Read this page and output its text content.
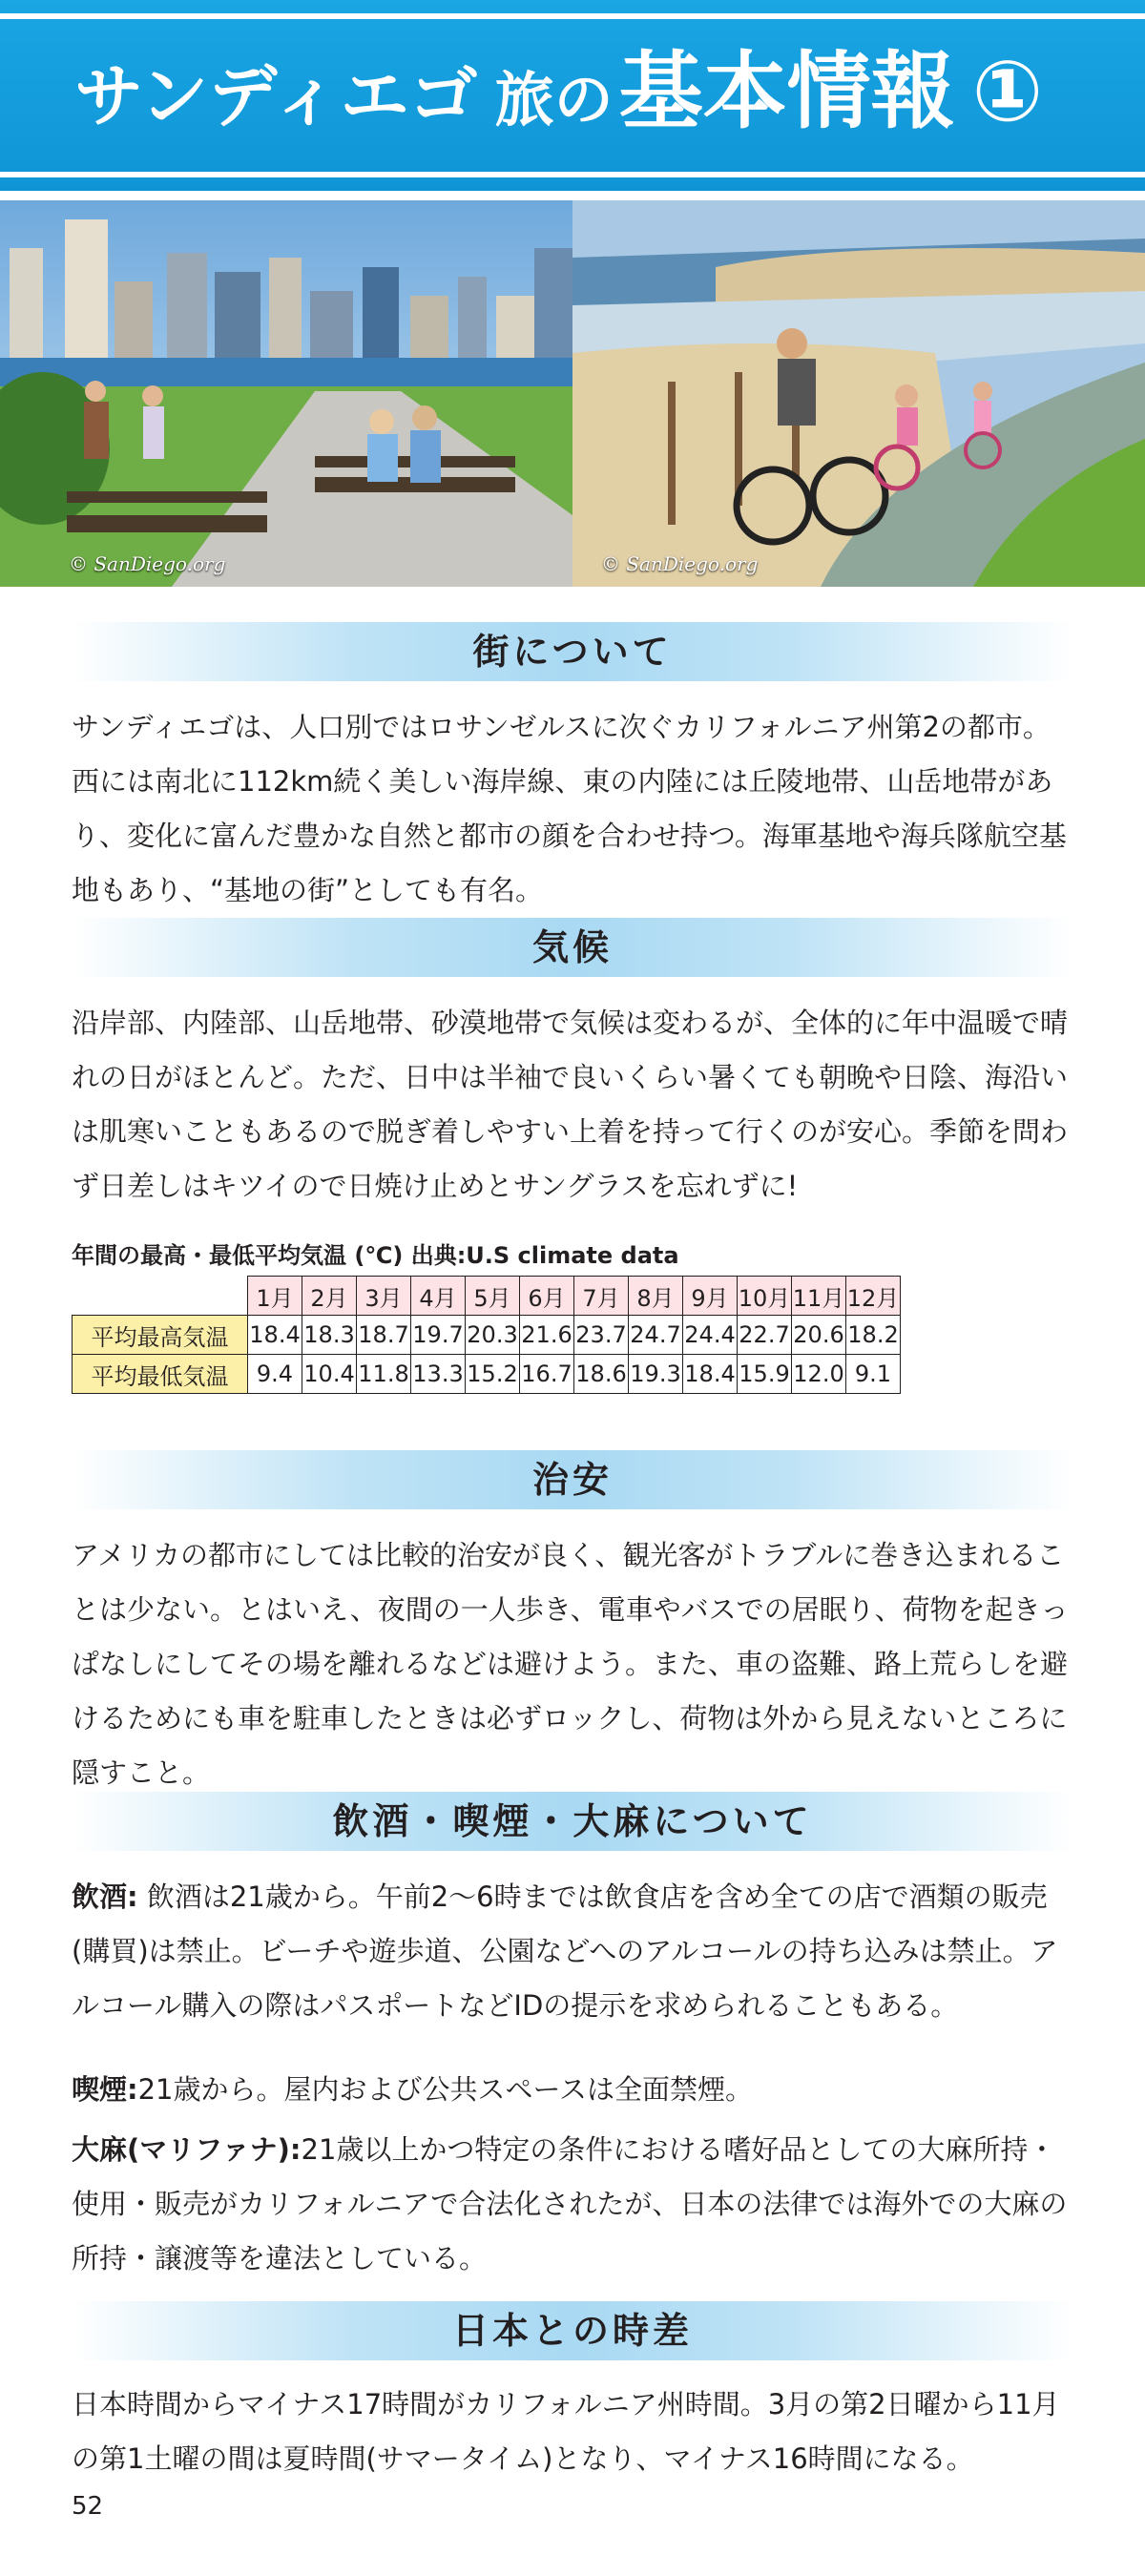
サンディエゴ 旅の基本情報 ①
© SanDiego.org	© SanDiego.org
街について

サンディエゴは、人口別ではロサンゼルスに次ぐカリフォルニア州第2の都市。西には南北に112km続く美しい海岸線、東の内陸には丘陵地帯、山岳地帯があり、変化に富んだ豊かな自然と都市の顔を合わせ持つ。海軍基地や海兵隊航空基地もあり、“基地の街”としても有名。

気候

沿岸部、内陸部、山岳地帯、砂漠地帯で気候は変わるが、全体的に年中温暖で晴れの日がほとんど。ただ、日中は半袖で良いくらい暑くても朝晩や日陰、海沿いは肌寒いこともあるので脱ぎ着しやすい上着を持って行くのが安心。季節を問わず日差しはキツイので日焼け止めとサングラスを忘れずに!

年間の最高・最低平均気温 (℃) 出典:U.S climate data
	1月	2月	3月	4月	5月	6月	7月	8月	9月	10月	11月	12月
平均最高気温	18.4	18.3	18.7	19.7	20.3	21.6	23.7	24.7	24.4	22.7	20.6	18.2
平均最低気温	9.4	10.4	11.8	13.3	15.2	16.7	18.6	19.3	18.4	15.9	12.0	9.1
治安

アメリカの都市にしては比較的治安が良く、観光客がトラブルに巻き込まれることは少ない。とはいえ、夜間の一人歩き、電車やバスでの居眠り、荷物を起きっぱなしにしてその場を離れるなどは避けよう。また、車の盗難、路上荒らしを避けるためにも車を駐車したときは必ずロックし、荷物は外から見えないところに隠すこと。

飲酒・喫煙・大麻について

飲酒: 飲酒は21歳から。午前2〜6時までは飲食店を含め全ての店で酒類の販売(購買)は禁止。ビーチや遊歩道、公園などへのアルコールの持ち込みは禁止。アルコール購入の際はパスポートなどIDの提示を求められることもある。

喫煙:21歳から。屋内および公共スペースは全面禁煙。

大麻(マリファナ):21歳以上かつ特定の条件における嗜好品としての大麻所持・使用・販売がカリフォルニアで合法化されたが、日本の法律では海外での大麻の所持・譲渡等を違法としている。

日本との時差

日本時間からマイナス17時間がカリフォルニア州時間。3月の第2日曜から11月の第1土曜の間は夏時間(サマータイム)となり、マイナス16時間になる。

52
